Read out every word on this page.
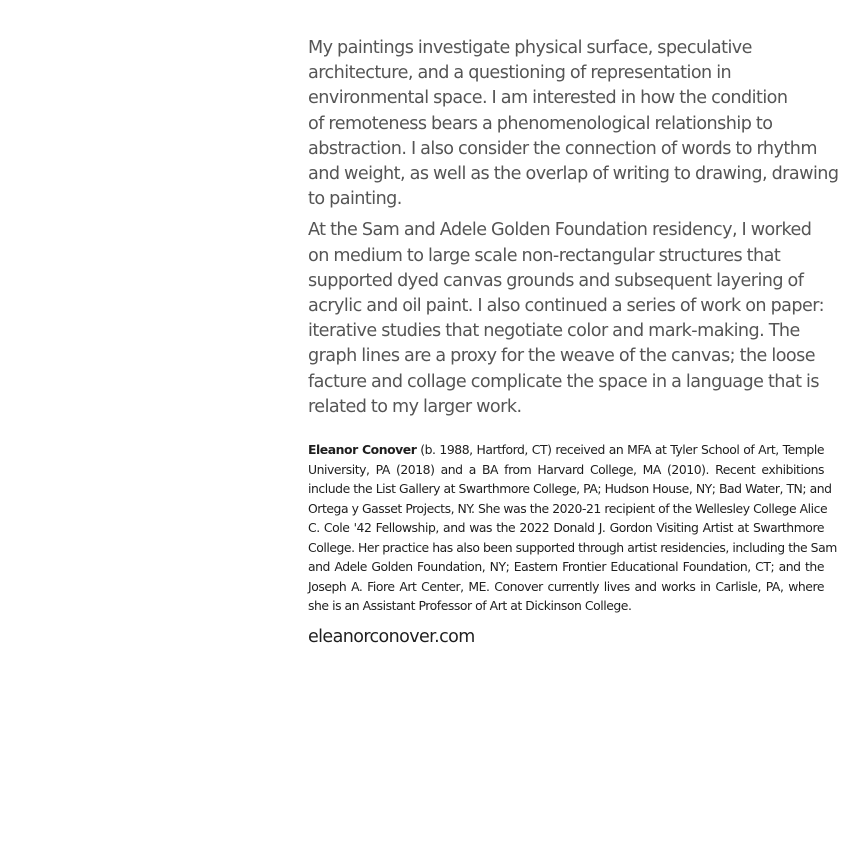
My paintings investigate physical surface, speculative
architecture, and a questioning of representation in
environmental space. I am interested in how the condition
of remoteness bears a phenomenological relationship to
abstraction. I also consider the connection of words to rhythm
and weight, as well as the overlap of writing to drawing, drawing
to painting.

At the Sam and Adele Golden Foundation residency, I worked
on medium to large scale non-rectangular structures that
supported dyed canvas grounds and subsequent layering of
acrylic and oil paint. I also continued a series of work on paper:
iterative studies that negotiate color and mark-making. The
graph lines are a proxy for the weave of the canvas; the loose
facture and collage complicate the space in a language that is
related to my larger work.

Eleanor Conover (b. 1988, Hartford, CT) received an MFA at Tyler School of Art, Temple
University, PA (2018) and a BA from Harvard College, MA (2010). Recent exhibitions
include the List Gallery at Swarthmore College, PA; Hudson House, NY; Bad Water, TN; and
Ortega y Gasset Projects, NY. She was the 2020-21 recipient of the Wellesley College Alice
C. Cole '42 Fellowship, and was the 2022 Donald J. Gordon Visiting Artist at Swarthmore
College. Her practice has also been supported through artist residencies, including the Sam
and Adele Golden Foundation, NY; Eastern Frontier Educational Foundation, CT; and the
Joseph A. Fiore Art Center, ME. Conover currently lives and works in Carlisle, PA, where
she is an Assistant Professor of Art at Dickinson College.

eleanorconover.com
